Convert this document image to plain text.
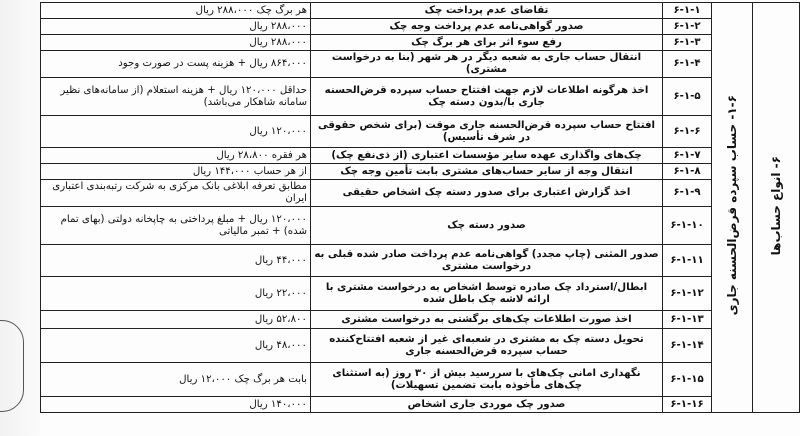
۶- انواع حساب‌ها	۱-۶- حساب سپرده قرض‌الحسنه جاری	۶-۱-۱	تقاضای عدم پرداخت چک	هر برگ چک ۲۸۸،۰۰۰ ریال
		۶-۱-۲	صدور گواهی‌نامه عدم پرداخت وجه چک	۲۸۸،۰۰۰ ریال
		۶-۱-۳	رفع سوء اثر برای هر برگ چک	۲۸۸،۰۰۰ ریال
		۶-۱-۴	انتقال حساب جاری به شعبه دیگر در هر شهر (بنا به درخواست مشتری)	۸۶۴،۰۰۰ ریال + هزینه پست در صورت وجود
		۶-۱-۵	اخذ هرگونه اطلاعات لازم جهت افتتاح حساب سپرده قرض‌الحسنه جاری با/بدون دسته چک	حداقل ۱۲۰،۰۰۰ ریال + هزینه استعلام (از سامانه‌های نظیر سامانه شاهکار می‌باشد)
		۶-۱-۶	افتتاح حساب سپرده قرض‌الحسنه جاری موقت (برای شخص حقوقی در شرف تأسیس)	۱۲۰،۰۰۰ ریال
		۶-۱-۷	چک‌های واگذاری عهده سایر مؤسسات اعتباری (از ذی‌نفع چک)	هر فقره ۲۸،۸۰۰ ریال
		۶-۱-۸	انتقال وجه از سایر حساب‌های مشتری بابت تأمین وجه چک	از هر حساب ۱۴۴،۰۰۰ ریال
		۶-۱-۹	اخذ گزارش اعتباری برای صدور دسته چک اشخاص حقیقی	مطابق تعرفه ابلاغی بانک مرکزی به شرکت رتبه‌بندی اعتباری ایران
		۶-۱-۱۰	صدور دسته چک	۱۲۰،۰۰۰ ریال + مبلغ پرداختی به چاپخانه دولتی (بهای تمام شده) + تمبر مالیاتی
		۶-۱-۱۱	صدور المثنی (چاپ مجدد) گواهی‌نامه عدم پرداخت صادر شده قبلی به درخواست مشتری	۴۴،۰۰۰ ریال
		۶-۱-۱۲	ابطال/استرداد چک صادره توسط اشخاص به درخواست مشتری با ارائه لاشه چک باطل شده	۲۲،۰۰۰ ریال
		۶-۱-۱۳	اخذ صورت اطلاعات چک‌های برگشتی به درخواست مشتری	۵۲،۸۰۰ ریال
		۶-۱-۱۴	تحویل دسته چک به مشتری در شعبه‌ای غیر از شعبه افتتاح‌کننده حساب سپرده قرض‌الحسنه جاری	۴۸،۰۰۰ ریال
		۶-۱-۱۵	نگهداری امانی چک‌های با سررسید بیش از ۳۰ روز (به استثنای چک‌های مأخوذه بابت تضمین تسهیلات)	بابت هر برگ چک ۱۲،۰۰۰ ریال
		۶-۱-۱۶	صدور چک موردی جاری اشخاص	۱۴۰،۰۰۰ ریال
